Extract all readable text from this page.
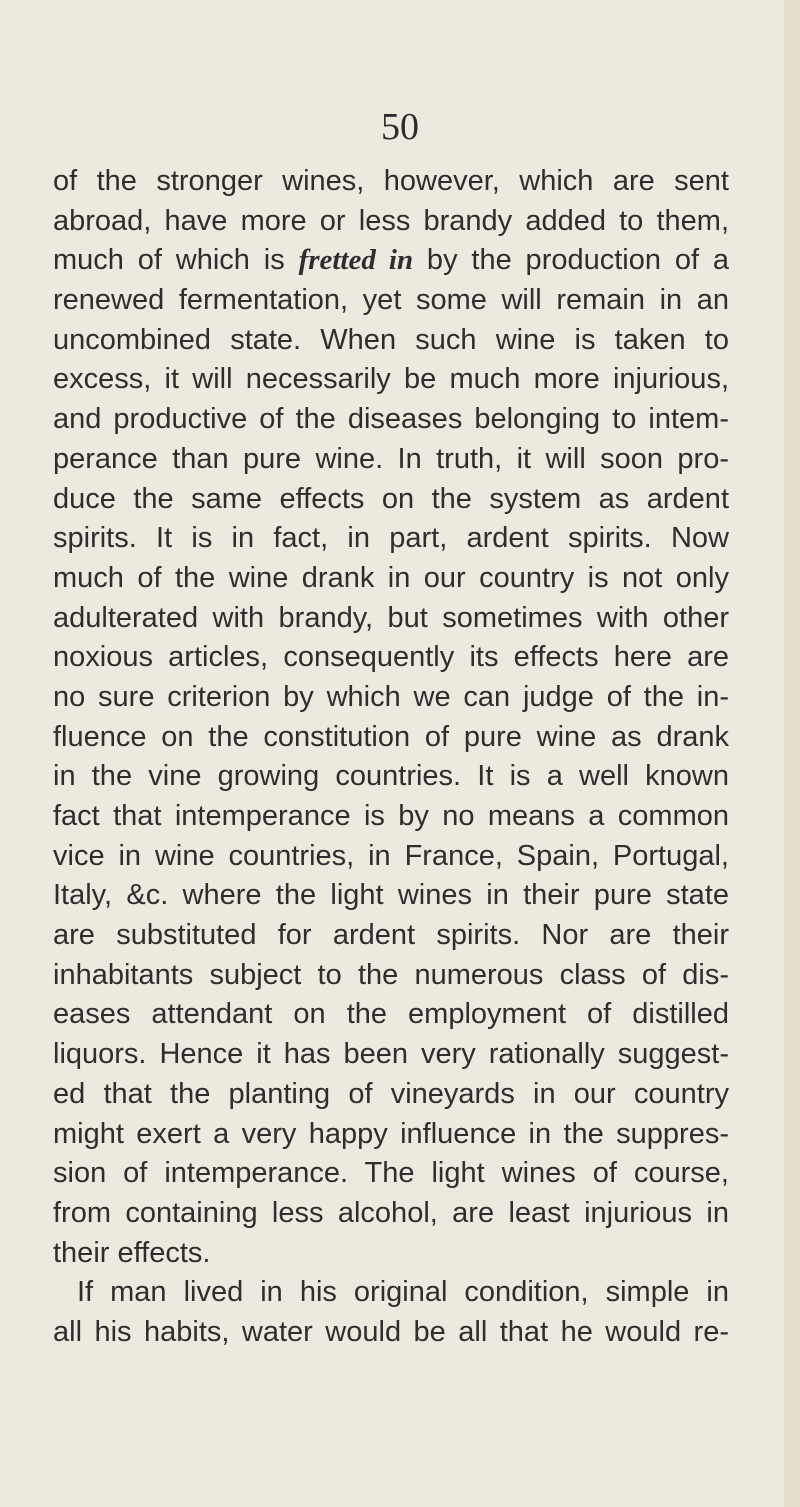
50
of the stronger wines, however, which are sent
abroad, have more or less brandy added to them,
much of which is fretted in by the production of a
renewed fermentation, yet some will remain in an
uncombined state. When such wine is taken to
excess, it will necessarily be much more injurious,
and productive of the diseases belonging to intem-
perance than pure wine. In truth, it will soon pro-
duce the same effects on the system as ardent
spirits. It is in fact, in part, ardent spirits. Now
much of the wine drank in our country is not only
adulterated with brandy, but sometimes with other
noxious articles, consequently its effects here are
no sure criterion by which we can judge of the in-
fluence on the constitution of pure wine as drank
in the vine growing countries. It is a well known
fact that intemperance is by no means a common
vice in wine countries, in France, Spain, Portugal,
Italy, &c. where the light wines in their pure state
are substituted for ardent spirits. Nor are their
inhabitants subject to the numerous class of dis-
eases attendant on the employment of distilled
liquors. Hence it has been very rationally suggest-
ed that the planting of vineyards in our country
might exert a very happy influence in the suppres-
sion of intemperance. The light wines of course,
from containing less alcohol, are least injurious in
their effects.
If man lived in his original condition, simple in
all his habits, water would be all that he would re-
